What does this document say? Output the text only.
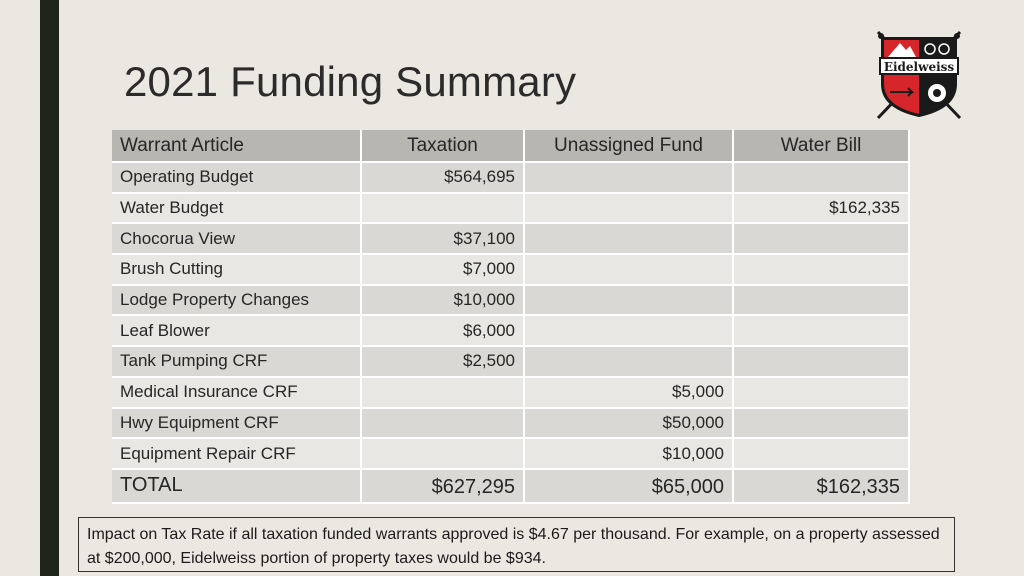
2021 Funding Summary	Eidelweiss
Warrant Article	Taxation	Unassigned Fund	Water Bill
Operating Budget	$564,695		
Water Budget			$162,335
Chocorua View	$37,100		
Brush Cutting	$7,000		
Lodge Property Changes	$10,000		
Leaf Blower	$6,000		
Tank Pumping CRF	$2,500		
Medical Insurance CRF		$5,000	
Hwy Equipment CRF		$50,000	
Equipment Repair CRF		$10,000	
TOTAL	$627,295	$65,000	$162,335
Impact on Tax Rate if all taxation funded warrants approved is $4.67 per thousand. For example, on a property assessed at $200,000, Eidelweiss portion of property taxes would be $934.
